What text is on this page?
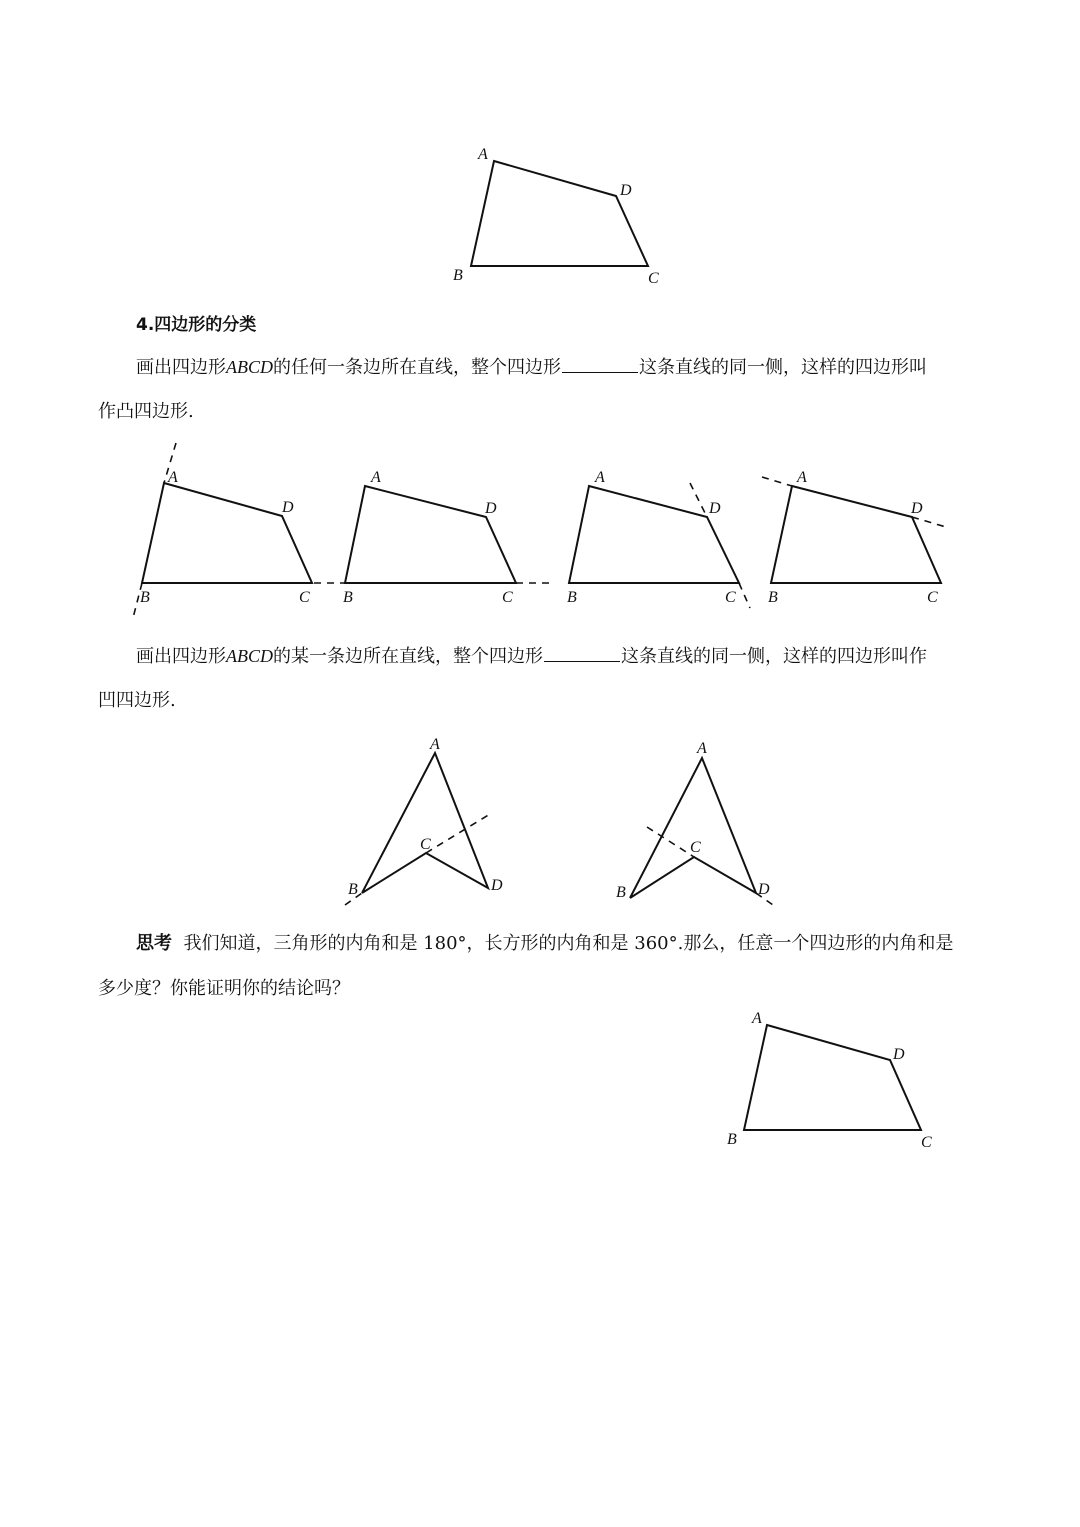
A
D
B	C
A
D
B	C
A
D
B	C
A
D
B	C
A
D
B	C
A
C
B	D
A
C
B	D
A
D
B	C
4.四边形的分类
画出四边形ABCD的任何一条边所在直线，整个四边形	这条直线的同一侧，这样的四边形叫
作凸四边形.
画出四边形ABCD的某一条边所在直线，整个四边形	这条直线的同一侧，这样的四边形叫作
凹四边形.
思考 我们知道，三角形的内角和是 180°，长方形的内角和是 360°.那么，任意一个四边形的内角和是
多少度？你能证明你的结论吗？
